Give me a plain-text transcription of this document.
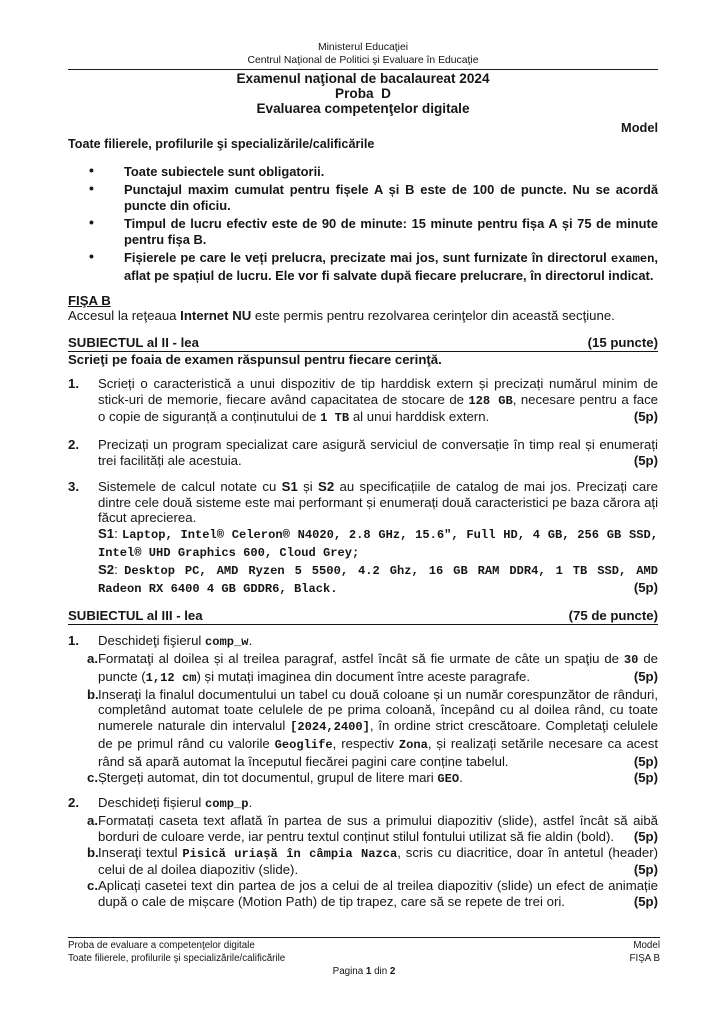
Ministerul Educaţiei
Centrul Naţional de Politici şi Evaluare în Educaţie
Examenul naţional de bacalaureat 2024
Proba  D
Evaluarea competenţelor digitale
Model
Toate filierele, profilurile şi specializările/calificările
• Toate subiectele sunt obligatorii.
• Punctajul maxim cumulat pentru fișele A și B este de 100 de puncte. Nu se acordă puncte din oficiu.
• Timpul de lucru efectiv este de 90 de minute: 15 minute pentru fișa A și 75 de minute pentru fișa B.
• Fișierele pe care le veți prelucra, precizate mai jos, sunt furnizate în directorul examen, aflat pe spațiul de lucru. Ele vor fi salvate după fiecare prelucrare, în directorul indicat.
FIŞA B
Accesul la reţeaua Internet NU este permis pentru rezolvarea cerinţelor din această secţiune.
SUBIECTUL al II - lea	(15 puncte)
Scrieţi pe foaia de examen răspunsul pentru fiecare cerinţă.
1.	Scrieți o caracteristică a unui dispozitiv de tip harddisk extern și precizați numărul minim de stick-uri de memorie, fiecare având capacitatea de stocare de 128 GB, necesare pentru a face o copie de siguranță a conținutului de 1 TB al unui harddisk extern.	(5p)
2.	Precizați un program specializat care asigură serviciul de conversație în timp real și enumerați trei facilități ale acestuia.	(5p)
3.	Sistemele de calcul notate cu S1 și S2 au specificațiile de catalog de mai jos. Precizați care dintre cele două sisteme este mai performant și enumerați două caracteristici pe baza cărora ați făcut aprecierea.
S1: Laptop, Intel® Celeron® N4020, 2.8 GHz, 15.6", Full HD, 4 GB, 256 GB SSD, Intel® UHD Graphics 600, Cloud Grey;
S2: Desktop PC, AMD Ryzen 5 5500, 4.2 Ghz, 16 GB RAM DDR4, 1 TB SSD, AMD Radeon RX 6400 4 GB GDDR6, Black.	(5p)
SUBIECTUL al III - lea	(75 de puncte)
1.	Deschideţi fişierul comp_w.
a. Formataţi al doilea și al treilea paragraf, astfel încât să fie urmate de câte un spaţiu de 30 de puncte (1,12 cm) și mutați imaginea din document între aceste paragrafe.	(5p)
b. Inseraţi la finalul documentului un tabel cu două coloane și un număr corespunzător de rânduri, completând automat toate celulele de pe prima coloană, începând cu al doilea rând, cu toate numerele naturale din intervalul [2024,2400], în ordine strict crescătoare. Completaţi celulele de pe primul rând cu valorile Geoglife, respectiv Zona, și realizați setările necesare ca acest rând să apară automat la începutul fiecărei pagini care conține tabelul.	(5p)
c. Ștergeți automat, din tot documentul, grupul de litere mari GEO.	(5p)
2.	Deschideți fișierul comp_p.
a. Formatați caseta text aflată în partea de sus a primului diapozitiv (slide), astfel încât să aibă borduri de culoare verde, iar pentru textul conținut stilul fontului utilizat să fie aldin (bold). (5p)
b. Inseraţi textul Pisică uriașă în câmpia Nazca, scris cu diacritice, doar în antetul (header) celui de al doilea diapozitiv (slide).	(5p)
c. Aplicați casetei text din partea de jos a celui de al treilea diapozitiv (slide) un efect de animație după o cale de mișcare (Motion Path) de tip trapez, care să se repete de trei ori.	(5p)
Proba de evaluare a competenţelor digitale	Model
Toate filierele, profilurile şi specializările/calificările	FIŞA B
Pagina 1 din 2
